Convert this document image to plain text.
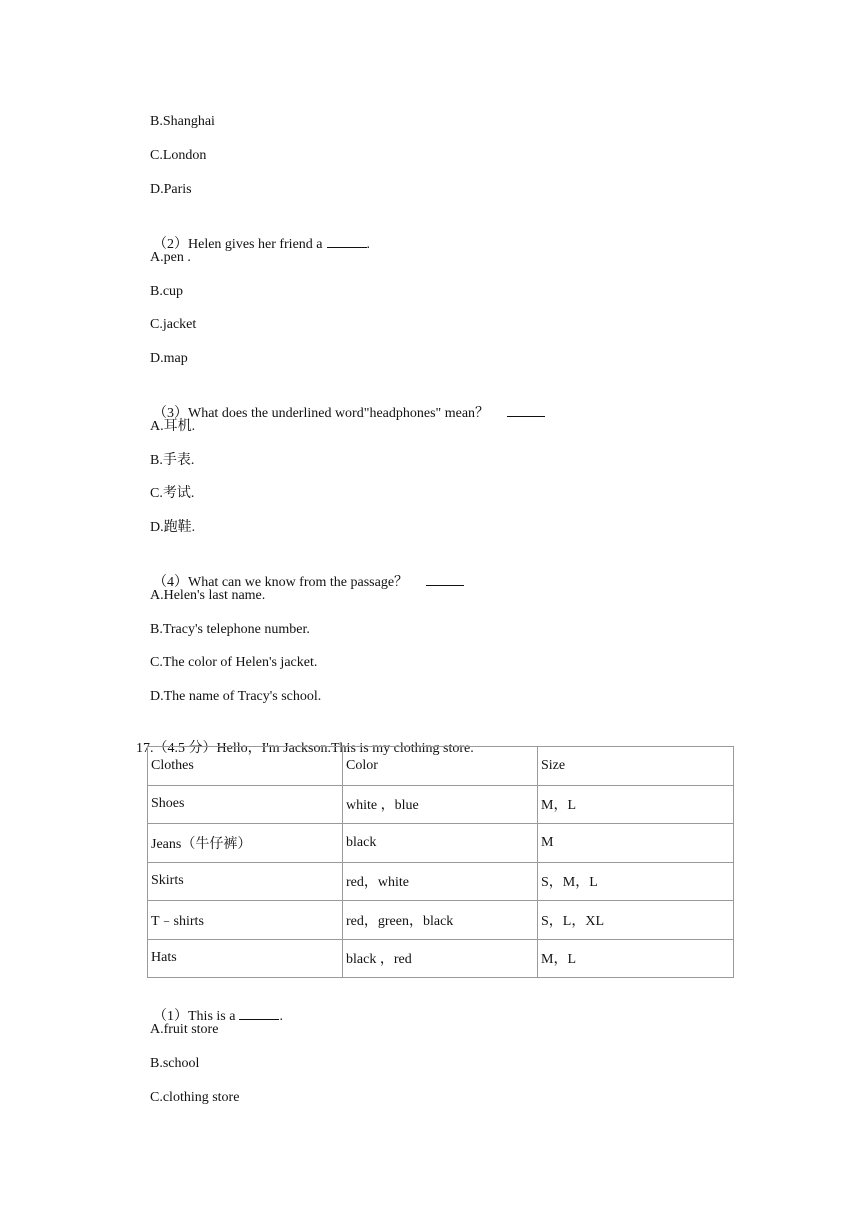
B.Shanghai
C.London
D.Paris

（2）Helen gives her friend a	.

A.pen .
B.cup
C.jacket
D.map

（3）What does the underlined word"headphones" mean？

A.耳机.
B.手表.
C.考试.
D.跑鞋.

（4）What can we know from the passage？

A.Helen's last name.
B.Tracy's telephone number.
C.The color of Helen's jacket.
D.The name of Tracy's school.

17.（4.5 分）Hello，I'm Jackson.This is my clothing store.

Clothes	Color	Size
Shoes	white ，blue	M，L
Jeans（牛仔裤）	black	M
Skirts	red，white	S，M，L
T﹣shirts	red，green，black	S，L，XL
Hats	black ，red	M，L

（1）This is a	.

A.fruit store
B.school
C.clothing store
